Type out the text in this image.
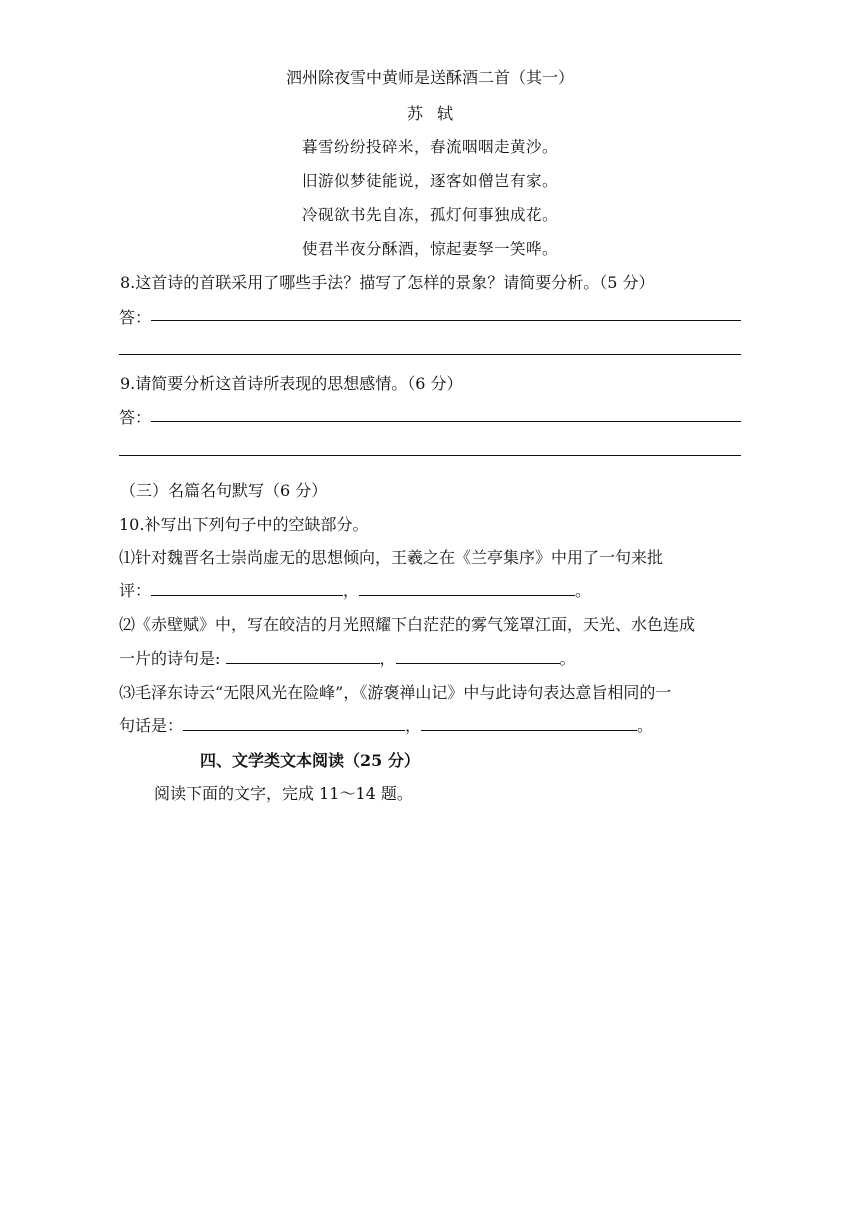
泗州除夜雪中黄师是送酥酒二首（其一）
苏轼
暮雪纷纷投碎米，春流咽咽走黄沙。
旧游似梦徒能说，逐客如僧岂有家。
冷砚欲书先自冻，孤灯何事独成花。
使君半夜分酥酒，惊起妻孥一笑哗。
8.这首诗的首联采用了哪些手法？描写了怎样的景象？请简要分析。（5 分）
答：
9.请简要分析这首诗所表现的思想感情。（6 分）
答：
（三）名篇名句默写（6 分）
10.补写出下列句子中的空缺部分。
⑴针对魏晋名士崇尚虚无的思想倾向，王羲之在《兰亭集序》中用了一句来批
评：	，	。
⑵《赤壁赋》中，写在皎洁的月光照耀下白茫茫的雾气笼罩江面，天光、水色连成
一片的诗句是:	，	。
⑶毛泽东诗云“无限风光在险峰”，《游褒禅山记》中与此诗句表达意旨相同的一
句话是：	，	。
四、文学类文本阅读（25 分）
阅读下面的文字，完成 11～14 题。
